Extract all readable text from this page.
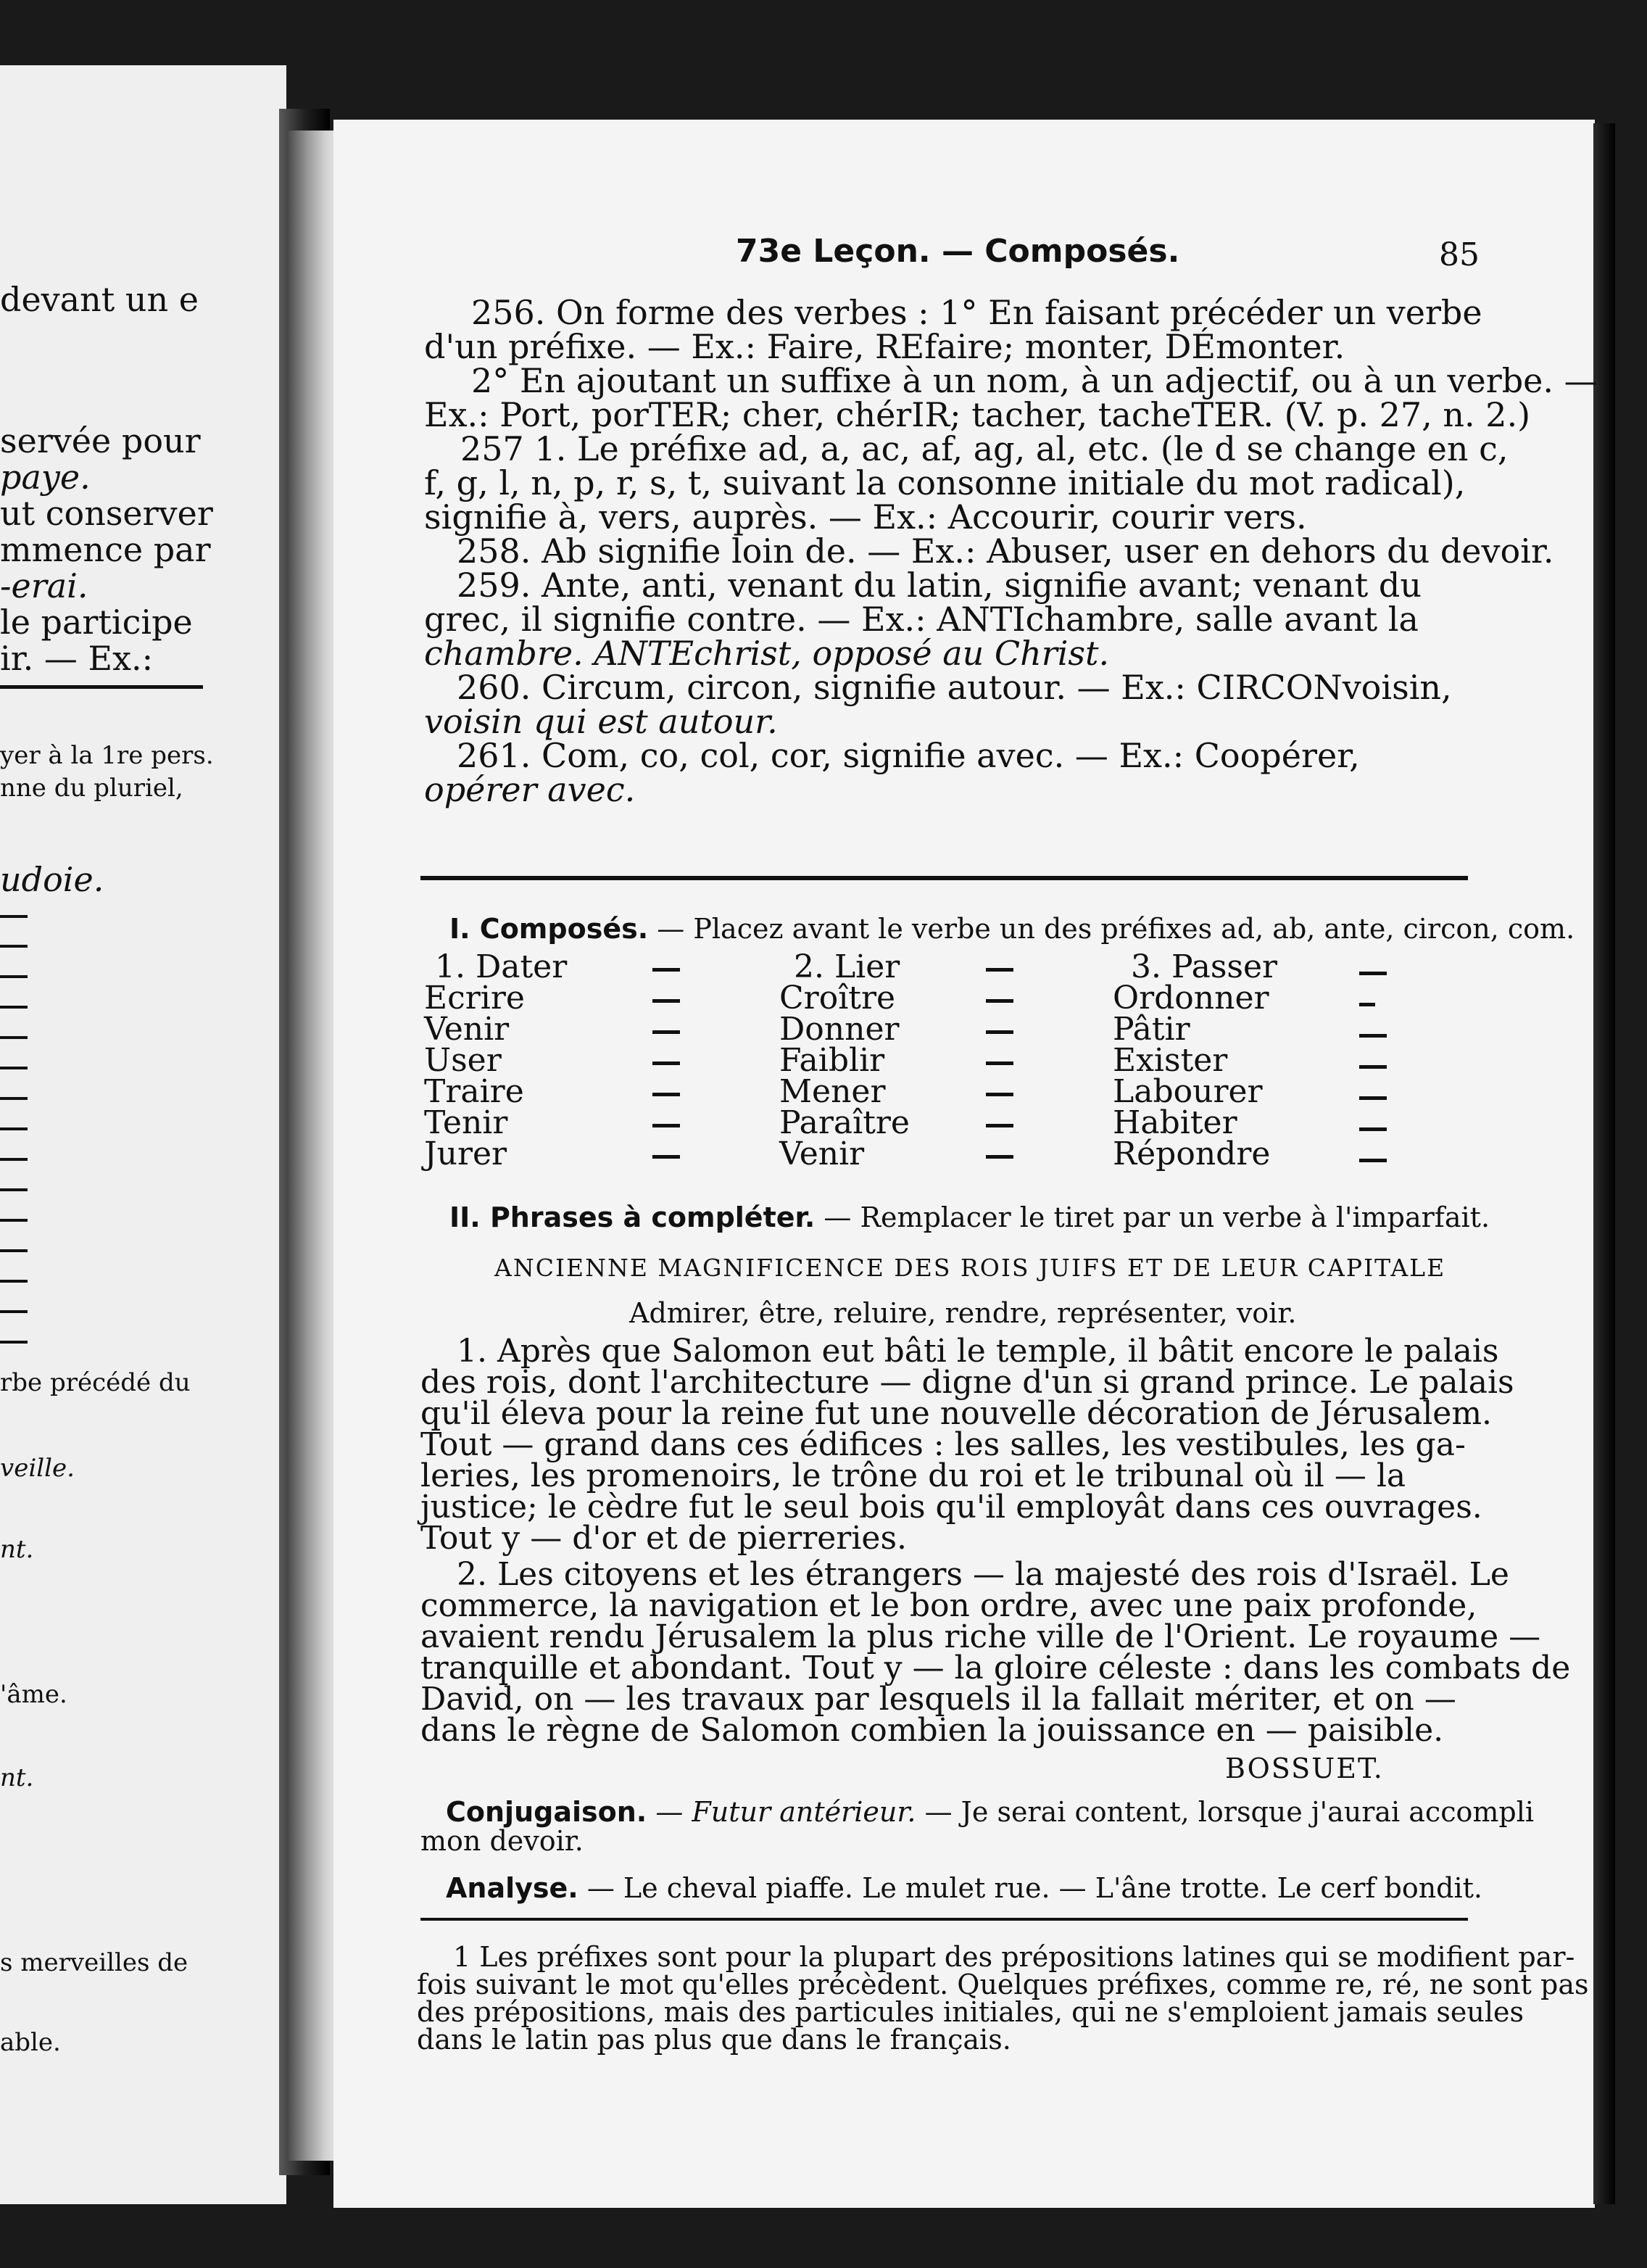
devant un e
servée pour
paye.
ut conserver
mmence par
-erai.
le participe
ir. — Ex.:
yer à la 1re pers.
nne du pluriel,
udoie.
rbe précédé du
veille.
nt.
'âme.
nt.
s merveilles de
able.
73e Leçon. — Composés.	85
256. On forme des verbes : 1° En faisant précéder un verbe
d'un préfixe. — Ex.: Faire, REfaire; monter, DÉmonter.
2° En ajoutant un suffixe à un nom, à un adjectif, ou à un verbe. —
Ex.: Port, porTER; cher, chérIR; tacher, tacheTER. (V. p. 27, n. 2.)
257 1. Le préfixe ad, a, ac, af, ag, al, etc. (le d se change en c,
f, g, l, n, p, r, s, t, suivant la consonne initiale du mot radical),
signifie à, vers, auprès. — Ex.: Accourir, courir vers.
258. Ab signifie loin de. — Ex.: Abuser, user en dehors du devoir.
259. Ante, anti, venant du latin, signifie avant; venant du
grec, il signifie contre. — Ex.: ANTIchambre, salle avant la
chambre. ANTEchrist, opposé au Christ.
260. Circum, circon, signifie autour. — Ex.: CIRCONvoisin,
voisin qui est autour.
261. Com, co, col, cor, signifie avec. — Ex.: Coopérer,
opérer avec.
I. Composés. — Placez avant le verbe un des préfixes ad, ab, ante, circon, com.
1. Dater
Ecrire
Venir
User
Traire
Tenir
Jurer
2. Lier
Croître
Donner
Faiblir
Mener
Paraître
Venir
3. Passer
Ordonner
Pâtir
Exister
Labourer
Habiter
Répondre
II. Phrases à compléter. — Remplacer le tiret par un verbe à l'imparfait.
ANCIENNE MAGNIFICENCE DES ROIS JUIFS ET DE LEUR CAPITALE
Admirer, être, reluire, rendre, représenter, voir.
1. Après que Salomon eut bâti le temple, il bâtit encore le palais
des rois, dont l'architecture — digne d'un si grand prince. Le palais
qu'il éleva pour la reine fut une nouvelle décoration de Jérusalem.
Tout — grand dans ces édifices : les salles, les vestibules, les ga-
leries, les promenoirs, le trône du roi et le tribunal où il — la
justice; le cèdre fut le seul bois qu'il employât dans ces ouvrages.
Tout y — d'or et de pierreries.
2. Les citoyens et les étrangers — la majesté des rois d'Israël. Le
commerce, la navigation et le bon ordre, avec une paix profonde,
avaient rendu Jérusalem la plus riche ville de l'Orient. Le royaume —
tranquille et abondant. Tout y — la gloire céleste : dans les combats de
David, on — les travaux par lesquels il la fallait mériter, et on —
dans le règne de Salomon combien la jouissance en — paisible.
BOSSUET.
Conjugaison. — Futur antérieur. — Je serai content, lorsque j'aurai accompli
mon devoir.
Analyse. — Le cheval piaffe. Le mulet rue. — L'âne trotte. Le cerf bondit.
1 Les préfixes sont pour la plupart des prépositions latines qui se modifient par-
fois suivant le mot qu'elles précèdent. Quelques préfixes, comme re, ré, ne sont pas
des prépositions, mais des particules initiales, qui ne s'emploient jamais seules
dans le latin pas plus que dans le français.
